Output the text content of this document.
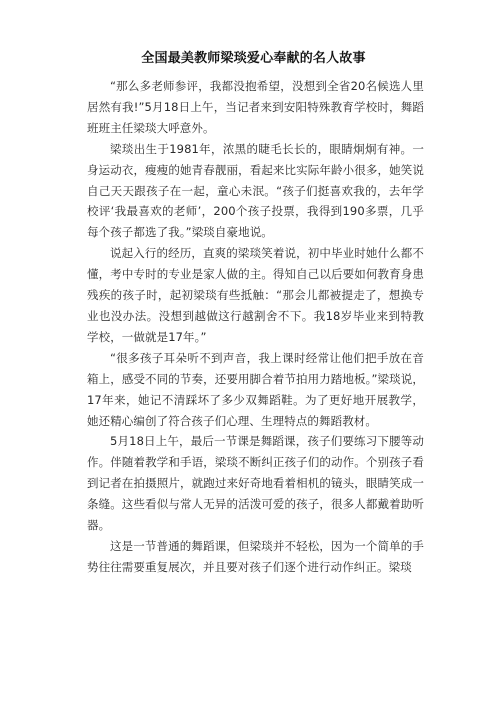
全国最美教师梁琰爱心奉献的名人故事

“那么多老师参评，我都没抱希望，没想到全省20名候选人里居然有我!”5月18日上午，当记者来到安阳特殊教育学校时，舞蹈班班主任梁琰大呼意外。

梁琰出生于1981年，浓黑的睫毛长长的，眼睛炯炯有神。一身运动衣，瘦瘦的她青春靓丽，看起来比实际年龄小很多，她笑说自己天天跟孩子在一起，童心未泯。“孩子们挺喜欢我的，去年学校评‘我最喜欢的老师’，200个孩子投票，我得到190多票，几乎每个孩子都选了我。”梁琰自豪地说。

说起入行的经历，直爽的梁琰笑着说，初中毕业时她什么都不懂，考中专时的专业是家人做的主。得知自己以后要如何教育身患残疾的孩子时，起初梁琰有些抵触：“那会儿都被提走了，想换专业也没办法。没想到越做这行越割舍不下。我18岁毕业来到特教学校，一做就是17年。”

“很多孩子耳朵听不到声音，我上课时经常让他们把手放在音箱上，感受不同的节奏，还要用脚合着节拍用力踏地板。”梁琰说，17年来，她记不清踩坏了多少双舞蹈鞋。为了更好地开展教学，她还精心编创了符合孩子们心理、生理特点的舞蹈教材。

5月18日上午，最后一节课是舞蹈课，孩子们要练习下腰等动作。伴随着教学和手语，梁琰不断纠正孩子们的动作。个别孩子看到记者在拍摄照片，就跑过来好奇地看着相机的镜头，眼睛笑成一条缝。这些看似与常人无异的活泼可爱的孩子，很多人都戴着助听器。

这是一节普通的舞蹈课，但梁琰并不轻松，因为一个简单的手势往往需要重复展次，并且要对孩子们逐个进行动作纠正。梁琰
